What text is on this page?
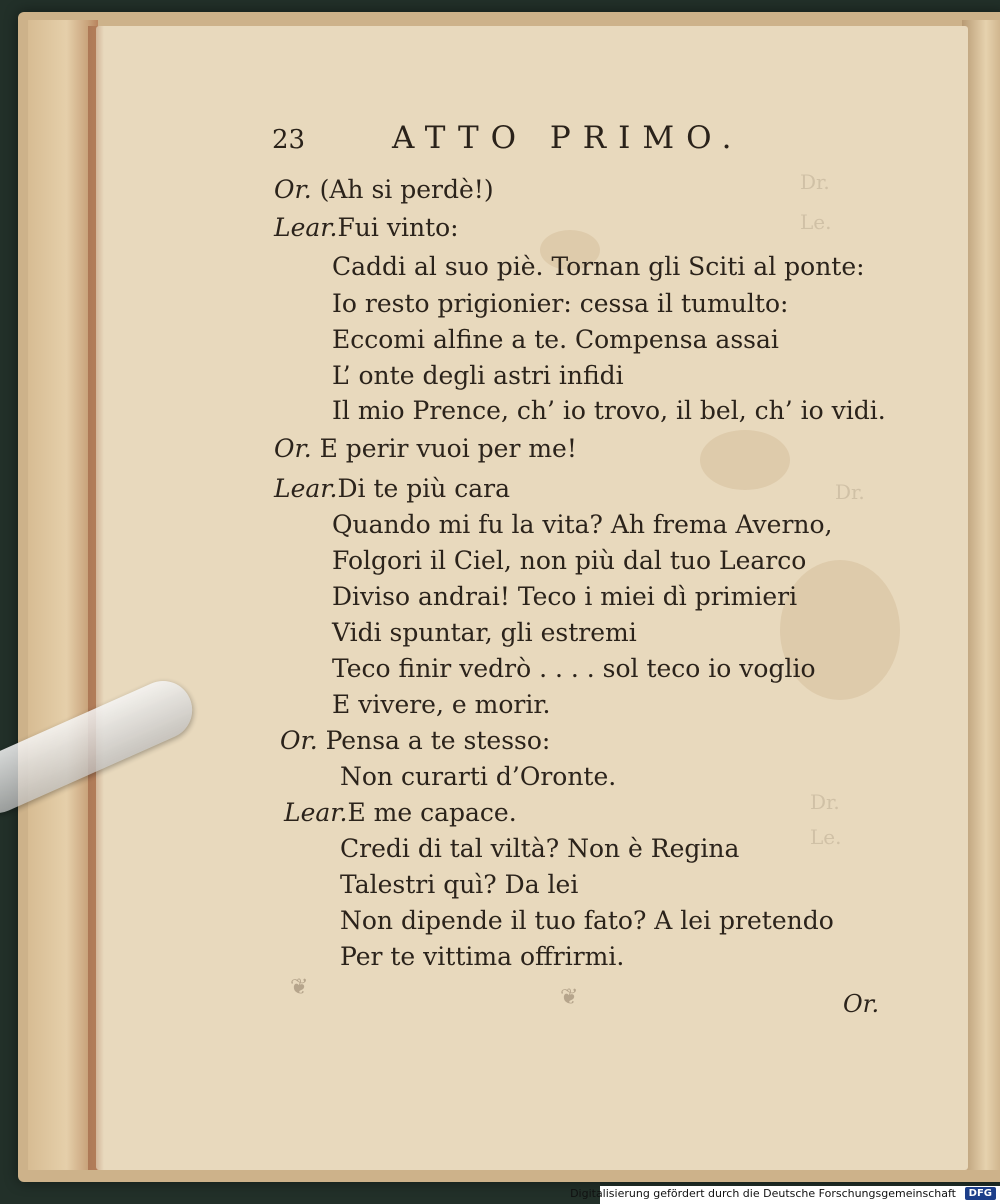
Dr.
Le.
Dr.
Dr.
Le.
23	ATTO PRIMO.
Or. (Ah si perdè!)
Lear.Fui vinto:
Caddi al suo piè. Tornan gli Sciti al ponte:
Io resto prigionier: cessa il tumulto:
Eccomi alfine a te. Compensa assai
L’ onte degli astri infidi
Il mio Prence, ch’ io trovo, il bel, ch’ io vidi.
Or. E perir vuoi per me!
Lear.Di te più cara
Quando mi fu la vita? Ah frema Averno,
Folgori il Ciel, non più dal tuo Learco
Diviso andrai! Teco i miei dì primieri
Vidi spuntar, gli estremi
Teco finir vedrò . . . . sol teco io voglio
E vivere, e morir.
Or. Pensa a te stesso:
Non curarti d’Oronte.
Lear.E me capace.
Credi di tal viltà? Non è Regina
Talestri quì? Da lei
Non dipende il tuo fato? A lei pretendo
Per te vittima offrirmi.
❦	❦	Or.
Digitalisierung gefördert durch die Deutsche Forschungsgemeinschaft	DFG
